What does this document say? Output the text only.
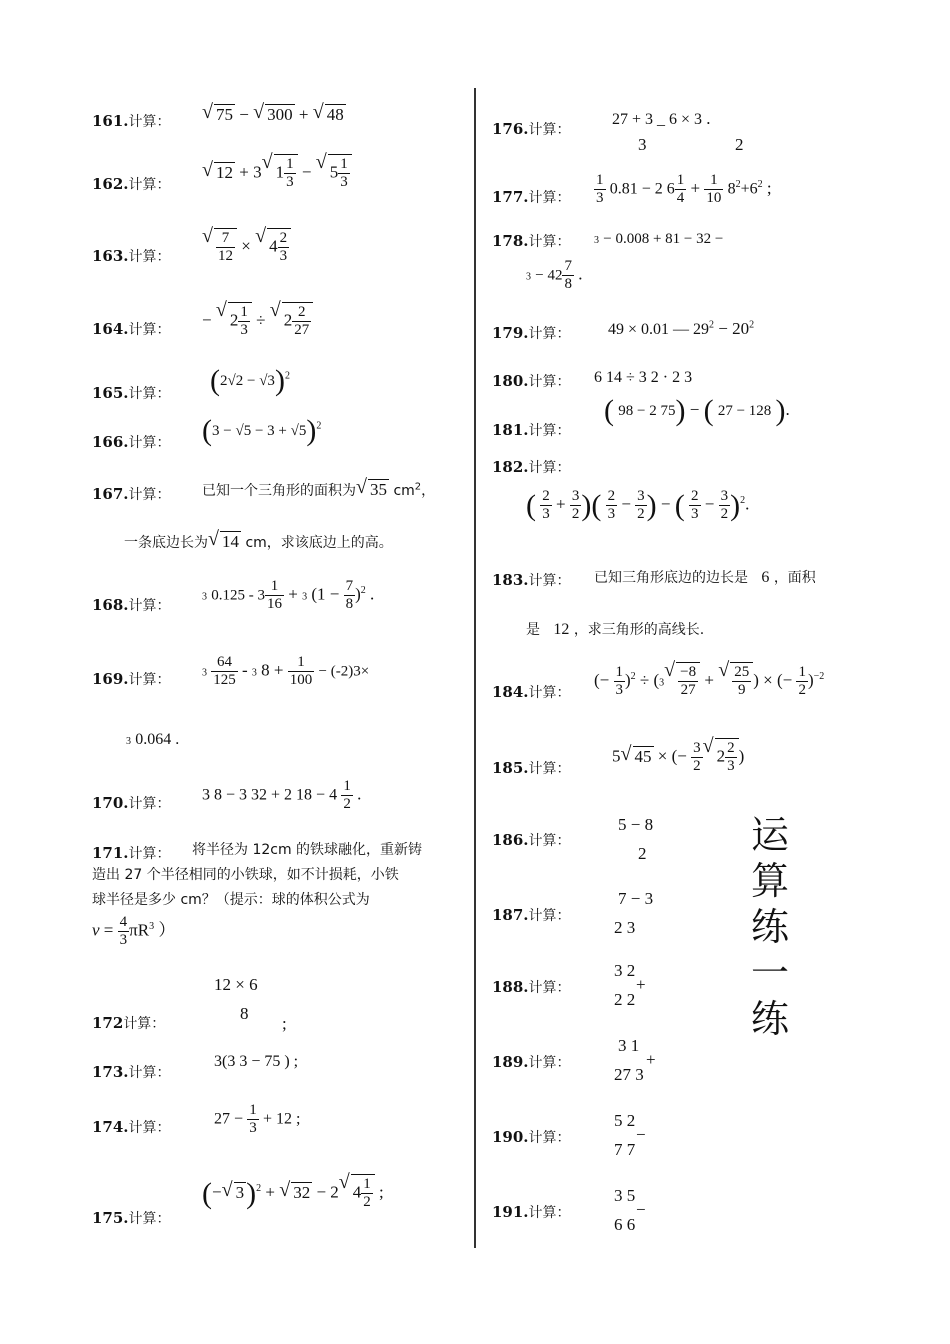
161.计算：	√ 75 − √ 300 + √ 48
162.计算：
√ 12 + 3 √ $1 \frac{1}{3}$ − √ $5 \frac{1}{3}$
163.计算：	√ $\frac{7}{12}$ × √ $4 \frac{2}{3}$
164.计算：
− √ $2 \frac{1}{3}$ ÷ √ $2 \frac{2}{27}$
165.计算： $(2√2 - √3)^2$
166.计算： $(3 - √5 - 3 + √5)^2$
167.计算： 已知一个三角形的面积为 √ 35 $cm^2$，
一条底边长为 √ 14 cm，求该底边上的高。
168.计算：
3 $0.125 - 3 \frac{1}{16} + 3$ $(1 - \frac{7}{8} )^2$ .
169.计算：	$3 \frac{64}{125} - 3$ $8 + \frac{1}{100} - (-2)3\times$
3 0.064 .
170.计算：
3 8 − 3 32 + 2 $18 - 4 \frac{1}{2}$ .
171.计算： 将半径为 12cm 的铁球融化，重新铸
造出 27 个半径相同的小铁球，如不计损耗，小铁
球半径是多少 cm？（提示：球的体积公式为
$v = \frac{4}{3} \pi R^3$ ）
172计算：
12 × 6
8
;
173.计算：
3(3 3 − 75 ) ;
174.计算：
$27 - \frac{1}{3} + 12$ ;
175.计算：
(− √ 3)$^2$ + √ 32 − 2 √ $4 \frac{1}{2}$ ;
176.计算：
27 + 3 _ 6 × 3 .
3	2
177.计算： $\frac{1}{3} 0.81 - 2$ $6 \frac{1}{4} + \frac{1}{10} 8^2+6^2$ ;
178.计算： 3 − 0.008 + 81 − 32 −
$3 - 42 \frac{7}{8}$ .
179.计算： 49 × 0.01 — $29^2 - 20^2$
180.计算： 6 14 ÷ 3 2 · 2 3
181.计算：
( 98 − 2 75) − ( 27 − 128 ).
182.计算：
( $\frac{2}{3} + \frac{3}{2}$ )( $\frac{2}{3} - \frac{3}{2}$ ) − ( $\frac{2}{3} - \frac{3}{2} )^2$.
183.计算： 已知三角形底边的边长是 6 ，面积
是 12 ，求三角形的高线长.
184.计算：
(− $\frac{1}{3} )^2 \div (3$ √ $\frac{-8}{27}$ + √ $\frac{25}{9}$ ) × (− $\frac{1}{2} )^{-2}$
185.计算：
5 √ 45 × (− $\frac{3}{2}$ √ $2 \frac{2}{3}$ )
186.计算：
5 − 8
2
187.计算：
7 − 3
2 3
188.计算：
3 2
+
2 2
189.计算：
3 1
+
27 3
190.计算：
5 2
−
7 7
191.计算：
3 5
−
6 6
运
算
练
一
练
